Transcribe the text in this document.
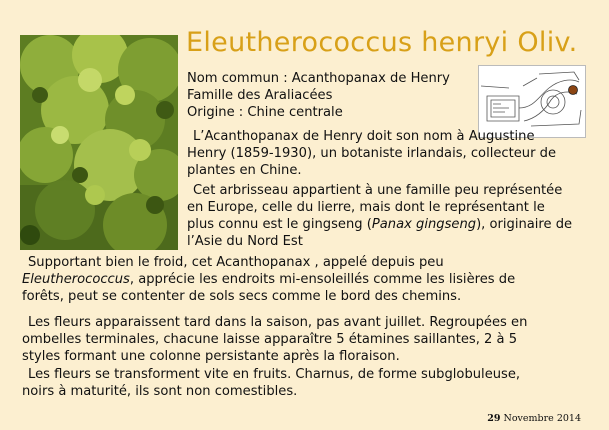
Eleutherococcus henryi Oliv.
Nom commun : Acanthopanax de Henry
Famille des Araliacées
Origine : Chine centrale
L’Acanthopanax de Henry doit son nom à Augustine
Henry (1859-1930), un botaniste irlandais, collecteur de
plantes en Chine.
Cet arbrisseau appartient à une famille peu représentée
en Europe, celle du lierre, mais dont le représentant le
plus connu est le gingseng (Panax gingseng), originaire de
l’Asie du Nord Est
Supportant bien le froid, cet Acanthopanax , appelé depuis peu
Eleutherococcus, apprécie les endroits mi-ensoleillés comme les lisières de
forêts, peut se contenter de sols secs comme le bord des chemins.
Les fleurs apparaissent tard dans la saison, pas avant juillet. Regroupées en
ombelles terminales, chacune laisse apparaître 5 étamines saillantes, 2 à 5
styles formant une colonne persistante après la floraison.
Les fleurs se transforment vite en fruits. Charnus, de forme subglobuleuse,
noirs à maturité, ils sont non comestibles.
29 Novembre 2014
